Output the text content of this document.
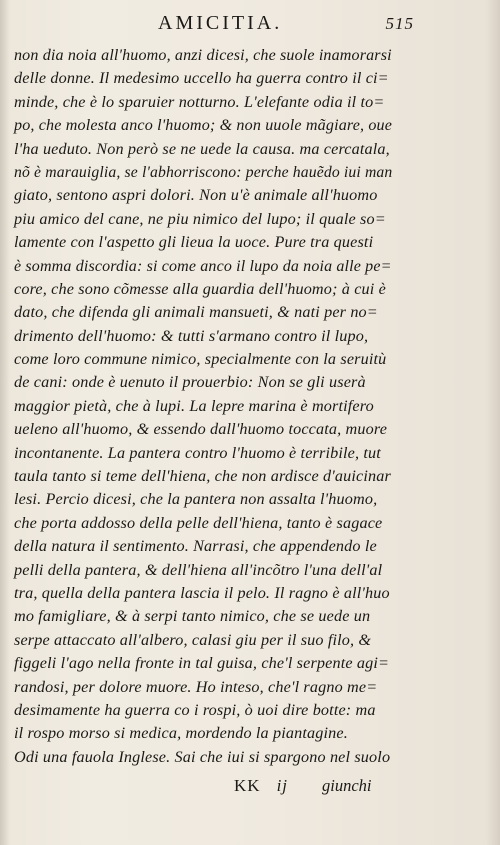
AMICITIA.	515
non dia noia all'huomo, anzi dicesi, che suole inamorarsi
delle donne. Il medesimo uccello ha guerra contro il ci=
minde, che è lo sparuier notturno. L'elefante odia il to=
po, che molesta anco l'huomo; & non uuole mãgiare, oue
l'ha ueduto. Non però se ne uede la causa. ma cercatala,
nõ è marauiglia, se l'abhorriscono: perche hauẽdo iui man
giato, sentono aspri dolori. Non u'è animale all'huomo
piu amico del cane, ne piu nimico del lupo; il quale so=
lamente con l'aspetto gli lieua la uoce. Pure tra questi
è somma discordia: si come anco il lupo da noia alle pe=
core, che sono cõmesse alla guardia dell'huomo; à cui è
dato, che difenda gli animali mansueti, & nati per no=
drimento dell'huomo: & tutti s'armano contro il lupo,
come loro commune nimico, specialmente con la seruitù
de cani: onde è uenuto il prouerbio: Non se gli userà
maggior pietà, che à lupi. La lepre marina è mortifero
ueleno all'huomo, & essendo dall'huomo toccata, muore
incontanente. La pantera contro l'huomo è terribile, tut
taula tanto si teme dell'hiena, che non ardisce d'auicinar
lesi. Percio dicesi, che la pantera non assalta l'huomo,
che porta addosso della pelle dell'hiena, tanto è sagace
della natura il sentimento. Narrasi, che appendendo le
pelli della pantera, & dell'hiena all'incõtro l'una dell'al
tra, quella della pantera lascia il pelo. Il ragno è all'huo
mo famigliare, & à serpi tanto nimico, che se uede un
serpe attaccato all'albero, calasi giu per il suo filo, &
figgeli l'ago nella fronte in tal guisa, che'l serpente agi=
randosi, per dolore muore. Ho inteso, che'l ragno me=
desimamente ha guerra co i rospi, ò uoi dire botte: ma
il rospo morso si medica, mordendo la piantagine.
Odi una fauola Inglese. Sai che iui si spargono nel suolo
KK ij giunchi
